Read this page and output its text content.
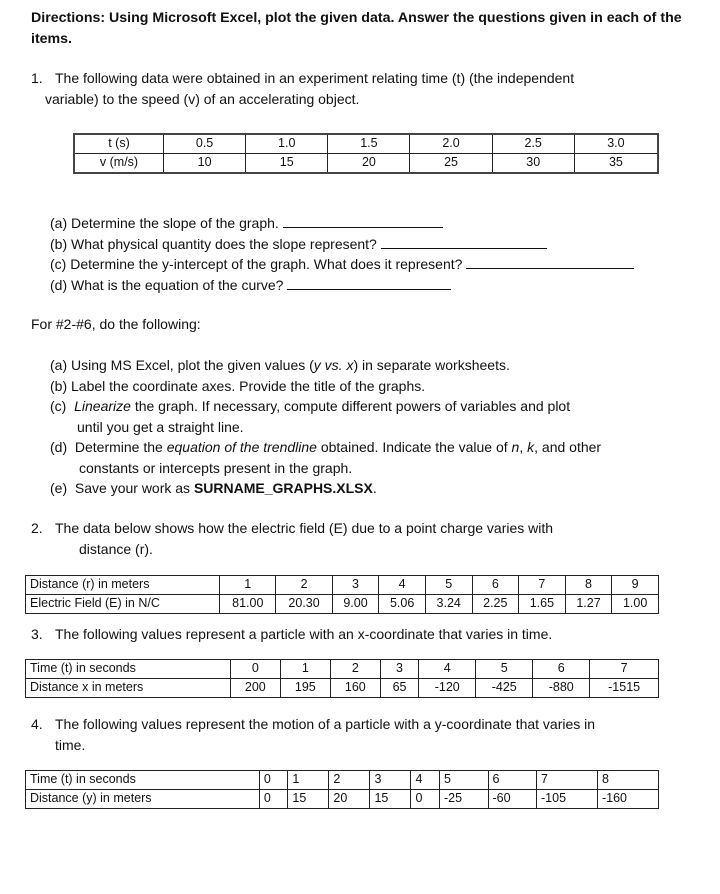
Directions: Using Microsoft Excel, plot the given data. Answer the questions given in each of the items.
1. The following data were obtained in an experiment relating time (t) (the independent
variable) to the speed (v) of an accelerating object.
t (s)	0.5	1.0	1.5	2.0	2.5	3.0
v (m/s)	10	15	20	25	30	35
(a) Determine the slope of the graph.
(b) What physical quantity does the slope represent?
(c) Determine the y-intercept of the graph. What does it represent?
(d) What is the equation of the curve?
For #2-#6, do the following:
(a) Using MS Excel, plot the given values (y vs. x) in separate worksheets.
(b) Label the coordinate axes. Provide the title of the graphs.
(c)  Linearize the graph. If necessary, compute different powers of variables and plot
until you get a straight line.
(d)  Determine the equation of the trendline obtained. Indicate the value of n, k, and other
constants or intercepts present in the graph.
(e)  Save your work as SURNAME_GRAPHS.XLSX.
2. The data below shows how the electric field (E) due to a point charge varies with
distance (r).
Distance (r) in meters	1	2	3	4	5	6	7	8	9
Electric Field (E) in N/C	81.00	20.30	9.00	5.06	3.24	2.25	1.65	1.27	1.00
3. The following values represent a particle with an x-coordinate that varies in time.
Time (t) in seconds	0	1	2	3	4	5	6	7
Distance x in meters	200	195	160	65	-120	-425	-880	-1515
4. The following values represent the motion of a particle with a y-coordinate that varies in
time.
Time (t) in seconds	0	1	2	3	4	5	6	7	8
Distance (y) in meters	0	15	20	15	0	-25	-60	-105	-160
